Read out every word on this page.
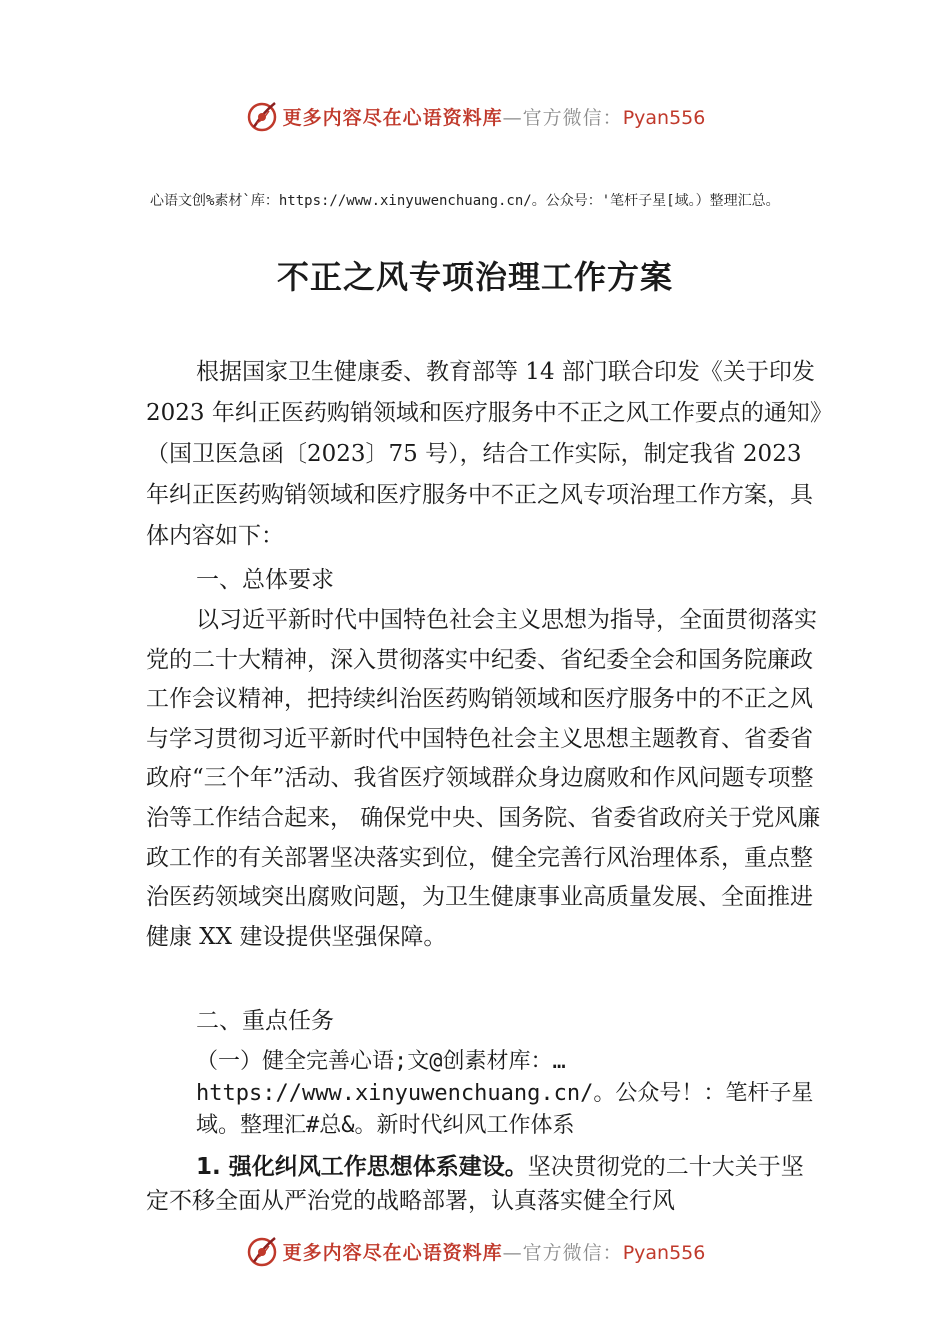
更多内容尽在心语资料库—官方微信：Pyan556
心语文创%素材`库：https://www.xinyuwenchuang.cn/。公众号：'笔杆子星[域。）整理汇总。
不正之风专项治理工作方案

根据国家卫生健康委、教育部等 14 部门联合印发《关于印发 2023 年纠正医药购销领域和医疗服务中不正之风工作要点的通知》（国卫医急函〔2023〕75 号），结合工作实际，制定我省 2023 年纠正医药购销领域和医疗服务中不正之风专项治理工作方案，具体内容如下：

一、总体要求

以习近平新时代中国特色社会主义思想为指导，全面贯彻落实党的二十大精神，深入贯彻落实中纪委、省纪委全会和国务院廉政工作会议精神，把持续纠治医药购销领域和医疗服务中的不正之风与学习贯彻习近平新时代中国特色社会主义思想主题教育、省委省政府“三个年”活动、我省医疗领域群众身边腐败和作风问题专项整治等工作结合起来， 确保党中央、国务院、省委省政府关于党风廉政工作的有关部署坚决落实到位，健全完善行风治理体系，重点整治医药领域突出腐败问题，为卫生健康事业高质量发展、全面推进健康 XX 建设提供坚强保障。

二、重点任务

（一）健全完善心语;文@创素材库：…https://www.xinyuwenchuang.cn/。公众号！：笔杆子星域。整理汇#总&。新时代纠风工作体系

1. 强化纠风工作思想体系建设。坚决贯彻党的二十大关于坚定不移全面从严治党的战略部署，认真落实健全行风

更多内容尽在心语资料库—官方微信：Pyan556
